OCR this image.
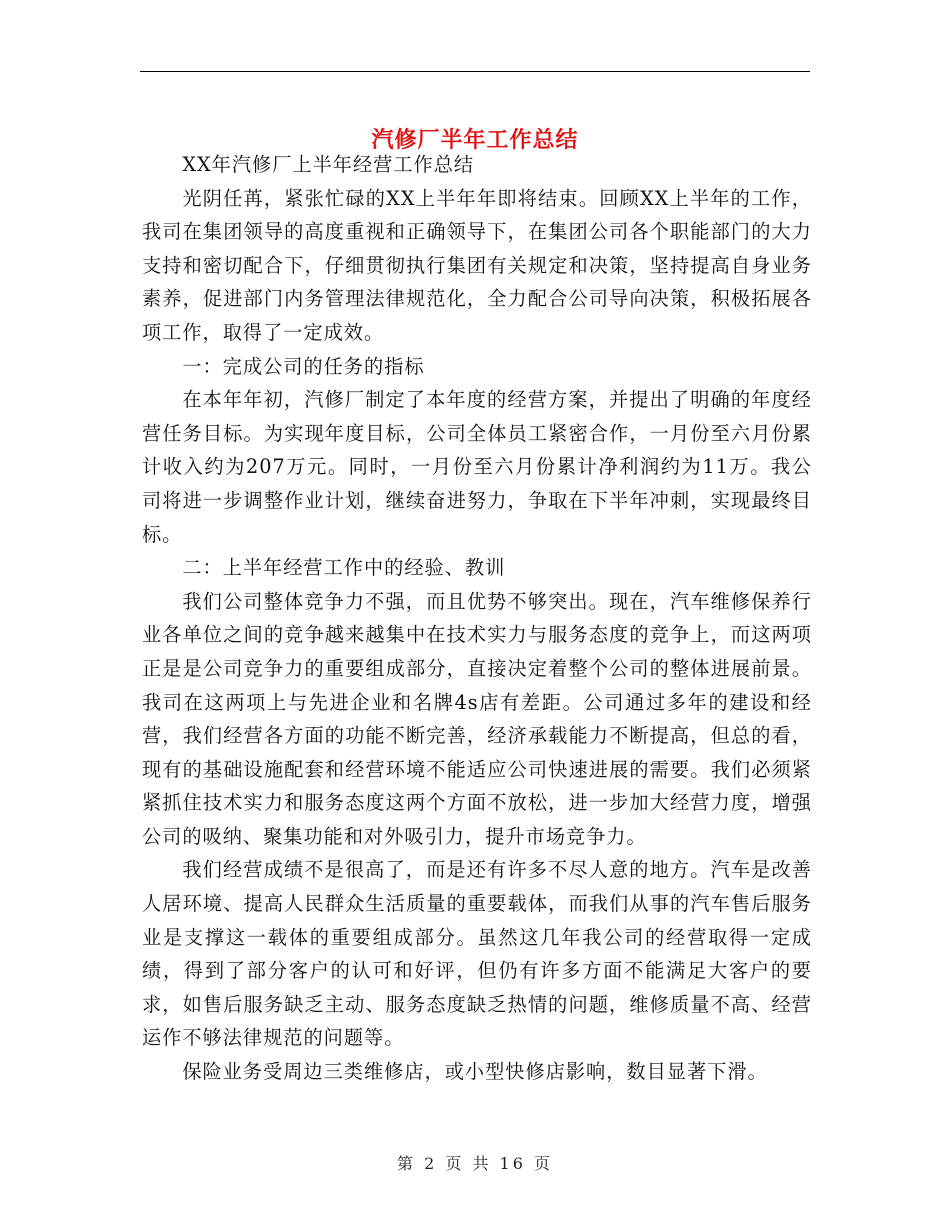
汽修厂半年工作总结

XX年汽修厂上半年经营工作总结

光阴任苒，紧张忙碌的XX上半年年即将结束。回顾XX上半年的工作，我司在集团领导的高度重视和正确领导下，在集团公司各个职能部门的大力支持和密切配合下，仔细贯彻执行集团有关规定和决策，坚持提高自身业务素养，促进部门内务管理法律规范化，全力配合公司导向决策，积极拓展各项工作，取得了一定成效。

一：完成公司的任务的指标

在本年年初，汽修厂制定了本年度的经营方案，并提出了明确的年度经营任务目标。为实现年度目标，公司全体员工紧密合作，一月份至六月份累计收入约为207万元。同时，一月份至六月份累计净利润约为11万。我公司将进一步调整作业计划，继续奋进努力，争取在下半年冲刺，实现最终目标。

二：上半年经营工作中的经验、教训

我们公司整体竞争力不强，而且优势不够突出。现在，汽车维修保养行业各单位之间的竞争越来越集中在技术实力与服务态度的竞争上，而这两项正是是公司竞争力的重要组成部分，直接决定着整个公司的整体进展前景。我司在这两项上与先进企业和名牌4s店有差距。公司通过多年的建设和经营，我们经营各方面的功能不断完善，经济承载能力不断提高，但总的看，现有的基础设施配套和经营环境不能适应公司快速进展的需要。我们必须紧紧抓住技术实力和服务态度这两个方面不放松，进一步加大经营力度，增强公司的吸纳、聚集功能和对外吸引力，提升市场竞争力。

我们经营成绩不是很高了，而是还有许多不尽人意的地方。汽车是改善人居环境、提高人民群众生活质量的重要载体，而我们从事的汽车售后服务业是支撑这一载体的重要组成部分。虽然这几年我公司的经营取得一定成绩，得到了部分客户的认可和好评，但仍有许多方面不能满足大客户的要求，如售后服务缺乏主动、服务态度缺乏热情的问题，维修质量不高、经营运作不够法律规范的问题等。

保险业务受周边三类维修店，或小型快修店影响，数目显著下滑。

第 2 页 共 16 页
